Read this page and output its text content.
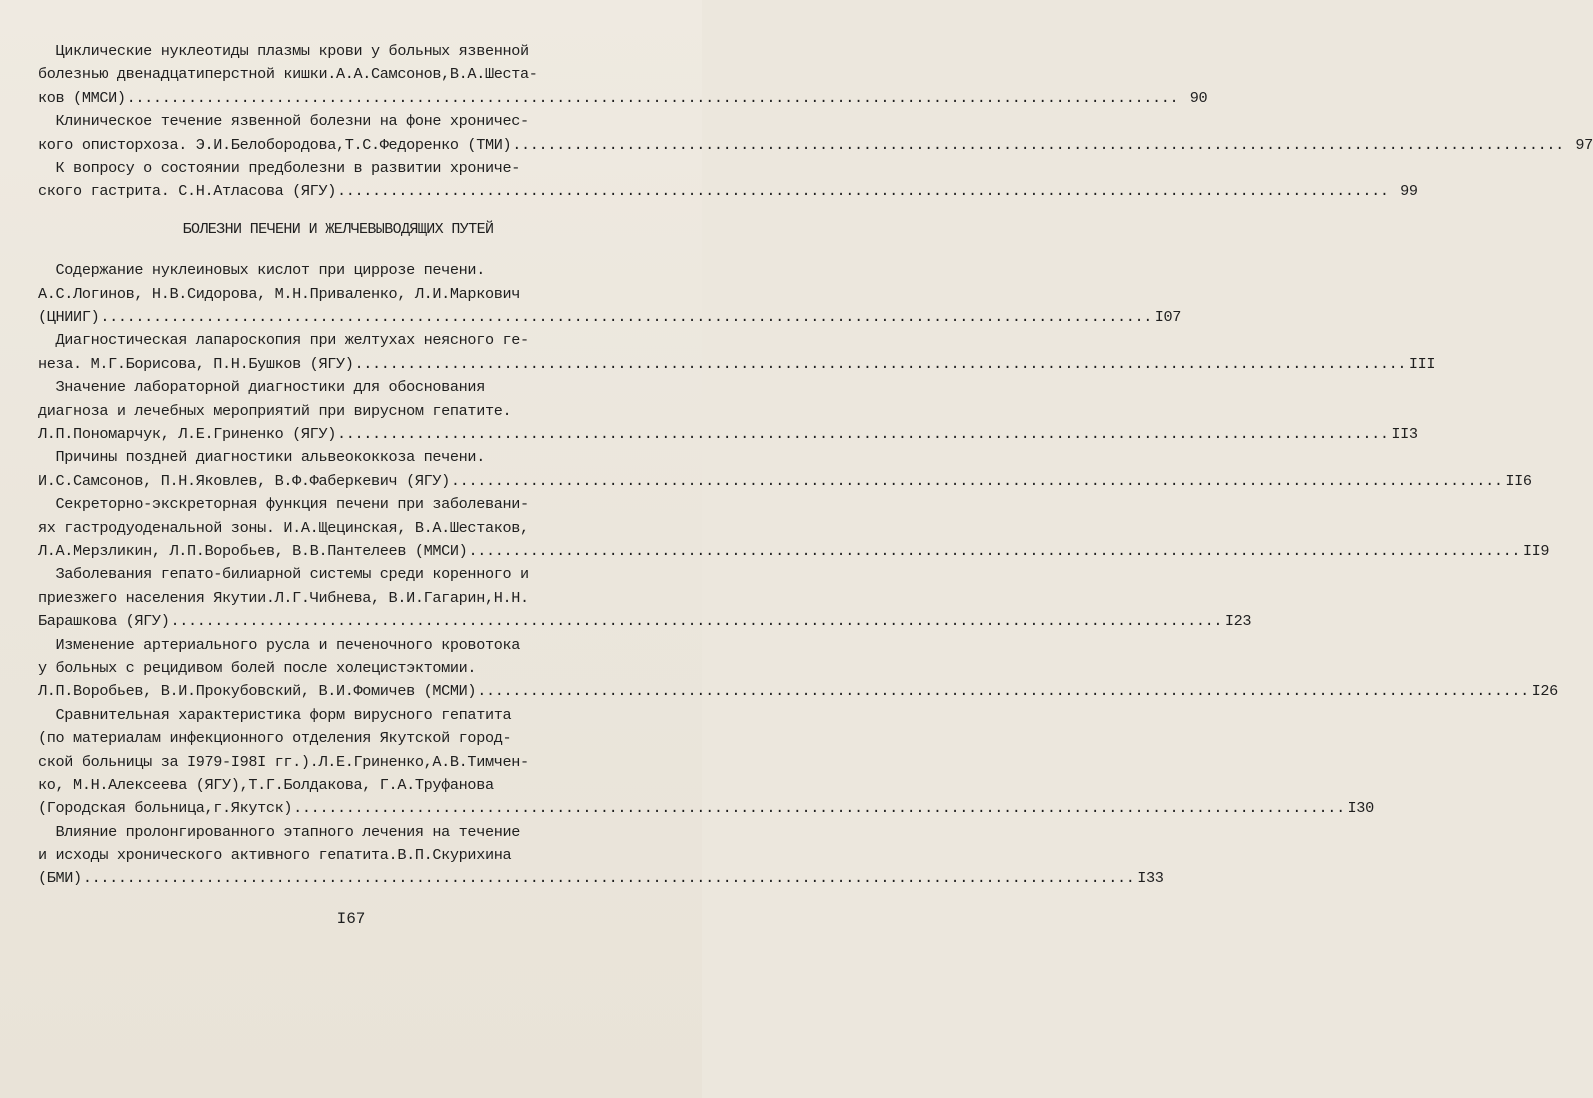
Циклические нуклеотиды плазмы крови у больных язвенной
болезнью двенадцатиперстной кишки.А.А.Самсонов,В.А.Шеста-
ков (ММСИ) ........................................................................................................................ 90
Клиническое течение язвенной болезни на фоне хроничес-
кого описторхоза. Э.И.Белобородова,Т.С.Федоренко (ТМИ) ........................................................................................................................ 97
К вопросу о состоянии предболезни в развитии хрониче-
ского гастрита. С.Н.Атласова (ЯГУ) ........................................................................................................................ 99
БОЛЕЗНИ ПЕЧЕНИ И ЖЕЛЧЕВЫВОДЯЩИХ ПУТЕЙ
Содержание нуклеиновых кислот при циррозе печени.
А.С.Логинов, Н.В.Сидорова, М.Н.Приваленко, Л.И.Маркович
(ЦНИИГ) ........................................................................................................................ I07
Диагностическая лапароскопия при желтухах неясного ге-
неза. М.Г.Борисова, П.Н.Бушков (ЯГУ) ........................................................................................................................ III
Значение лабораторной диагностики для обоснования
диагноза и лечебных мероприятий при вирусном гепатите.
Л.П.Пономарчук, Л.Е.Гриненко (ЯГУ) ........................................................................................................................ II3
Причины поздней диагностики альвеококкоза печени.
И.С.Самсонов, П.Н.Яковлев, В.Ф.Фаберкевич (ЯГУ) ........................................................................................................................ II6
Секреторно-экскреторная функция печени при заболевани-
ях гастродуоденальной зоны. И.А.Щецинская, В.А.Шестаков,
Л.А.Мерзликин, Л.П.Воробьев, В.В.Пантелеев (ММСИ) ........................................................................................................................ II9
Заболевания гепато-билиарной системы среди коренного и
приезжего населения Якутии.Л.Г.Чибнева, В.И.Гагарин,Н.Н.
Барашкова (ЯГУ) ........................................................................................................................ I23
Изменение артериального русла и печеночного кровотока
у больных с рецидивом болей после холецистэктомии.
Л.П.Воробьев, В.И.Прокубовский, В.И.Фомичев (МСМИ) ........................................................................................................................ I26
Сравнительная характеристика форм вирусного гепатита
(по материалам инфекционного отделения Якутской город-
ской больницы за I979-I98I гг.).Л.Е.Гриненко,А.В.Тимчен-
ко, М.Н.Алексеева (ЯГУ),Т.Г.Болдакова, Г.А.Труфанова
(Городская больница,г.Якутск) ........................................................................................................................ I30
Влияние пролонгированного этапного лечения на течение
и исходы хронического активного гепатита.В.П.Скурихина
(БМИ) ........................................................................................................................ I33
I67
